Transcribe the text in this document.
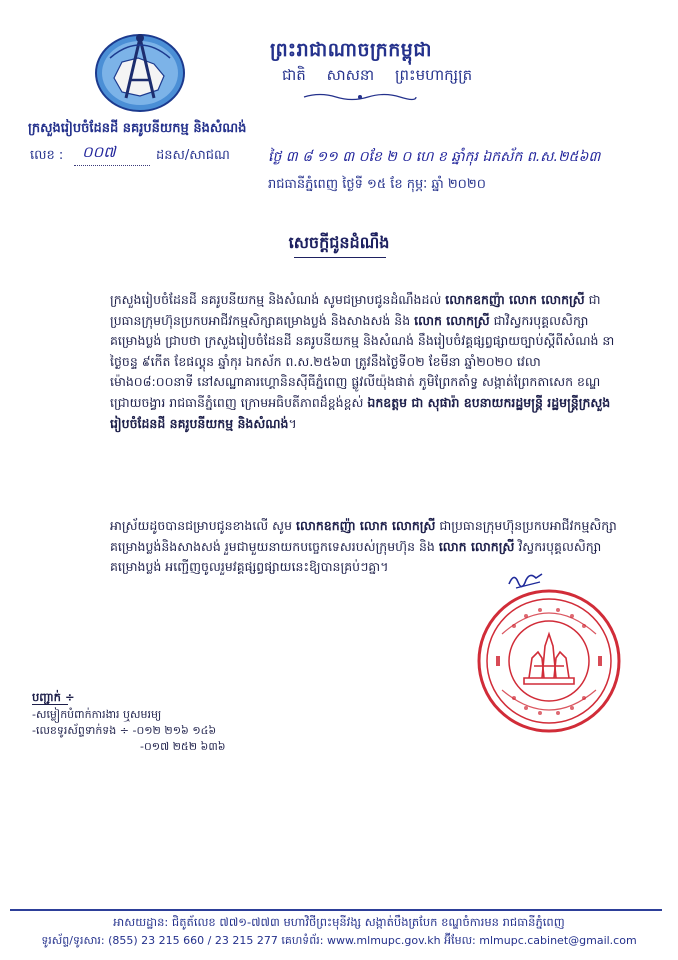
ព្រះរាជាណាចក្រកម្ពុជា
ជាតិ សាសនា ព្រះមហាក្សត្រ
ក្រសួងរៀបចំដែនដី នគរូបនីយកម្ម និងសំណង់
លេខ : ០០៧	ដនស/សាជណ	ថ្ងៃ ៣ ៨ ១១ ៣ ០ខែ ២ ០ ហេ ខ ឆ្នាំកុរ ឯកស័ក ព.ស.២៥៦៣
រាជធានីភ្នំពេញ ថ្ងៃទី ១៥ ខែ កុម្ភៈ ឆ្នាំ ២០២០
សេចក្តីជូនដំណឹង

ក្រសួងរៀបចំដែនដី នគរូបនីយកម្ម និងសំណង់ សូមជម្រាបជូនដំណឹងដល់ លោកឧកញ៉ា លោក លោកស្រី ជាប្រធានក្រុមហ៊ុនប្រកបអាជីវកម្មសិក្សាគម្រោងប្លង់ និងសាងសង់ និង លោក លោកស្រី ជាវិស្វករបុគ្គលសិក្សាគម្រោងប្លង់ ជ្រាបថា ក្រសួងរៀបចំដែនដី នគរូបនីយកម្ម និងសំណង់ នឹងរៀបចំវគ្គផ្សព្វផ្សាយច្បាប់ស្តីពីសំណង់ នាថ្ងៃចន្ទ ៩កើត ខែផល្គុន ឆ្នាំកុរ ឯកស័ក ព.ស.២៥៦៣ ត្រូវនឹងថ្ងៃទី០២ ខែមីនា ឆ្នាំ២០២០ វេលាម៉ោង០៨:០០នាទី នៅសណ្ឋាគារហ្គោនិនស៊ីធីភ្នំពេញ ផ្លូវលីយ៉ុងផាត់ ភូមិព្រែកតាំទ្វ សង្កាត់ព្រែកតាសេក ខណ្ឌជ្រោយចង្វារ រាជធានីភ្នំពេញ ក្រោមអធិបតីភាពដ៏ខ្ពង់ខ្ពស់ ឯកឧត្តម ជា សុផារ៉ា ឧបនាយករដ្ឋមន្ត្រី រដ្ឋមន្ត្រីក្រសួងរៀបចំដែនដី នគរូបនីយកម្ម និងសំណង់។

អាស្រ័យដូចបានជម្រាបជូនខាងលើ សូម លោកឧកញ៉ា លោក លោកស្រី ជាប្រធានក្រុមហ៊ុនប្រកបអាជីវកម្មសិក្សាគម្រោងប្លង់និងសាងសង់ រួមជាមួយនាយកបច្ចេកទេសរបស់ក្រុមហ៊ុន និង លោក លោកស្រី វិស្វករបុគ្គលសិក្សាគម្រោងប្លង់ អញ្ជើញចូលរួមវគ្គផ្សព្វផ្សាយនេះឱ្យបានគ្រប់ៗគ្នា។

បញ្ជាក់ ÷
-សម្លៀកបំពាក់ការងារ ឬសមរម្យ
-លេខទូរស័ព្ទទាក់ទង ÷ -០១២ ២១៦ ១៤៦
-០១៧ ២៥២ ៦៣៦
អាសយដ្ឋាន: ជិតូត័លេខ ៧៧១-៧៧៣ មហាវិថីព្រះមុនីវង្ស សង្កាត់បឹងត្របែក ខណ្ឌចំការមន រាជធានីភ្នំពេញ
ទូរស័ព្ទ/ទូរសារ: (855) 23 215 660 / 23 215 277 គេហទំព័រ: www.mlmupc.gov.kh អ៊ីមែល: mlmupc.cabinet@gmail.com
